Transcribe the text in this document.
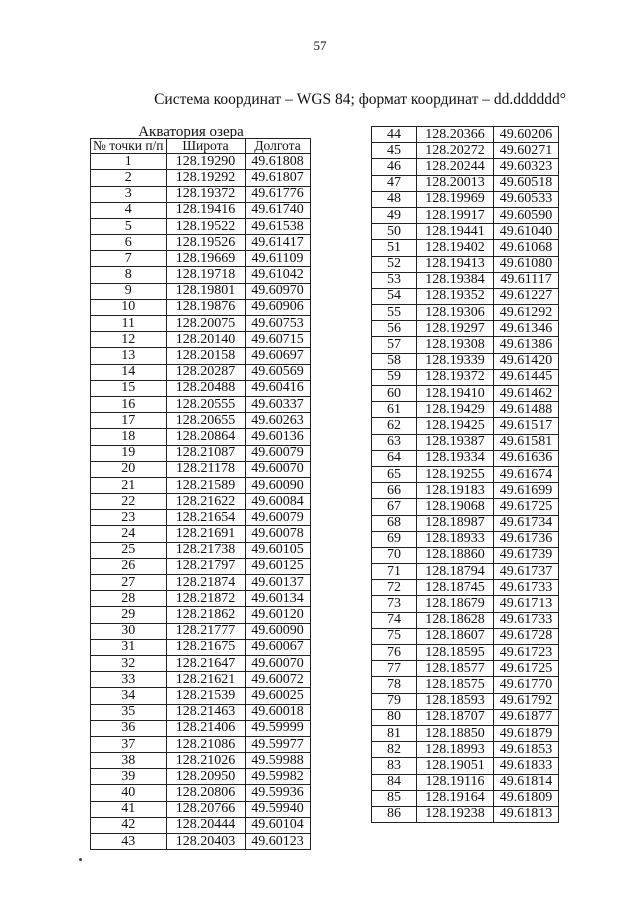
57
Система координат – WGS 84; формат координат – dd.dddddd°
Акватория озера
№ точки п/п	Широта	Долгота
1	128.19290	49.61808
2	128.19292	49.61807
3	128.19372	49.61776
4	128.19416	49.61740
5	128.19522	49.61538
6	128.19526	49.61417
7	128.19669	49.61109
8	128.19718	49.61042
9	128.19801	49.60970
10	128.19876	49.60906
11	128.20075	49.60753
12	128.20140	49.60715
13	128.20158	49.60697
14	128.20287	49.60569
15	128.20488	49.60416
16	128.20555	49.60337
17	128.20655	49.60263
18	128.20864	49.60136
19	128.21087	49.60079
20	128.21178	49.60070
21	128.21589	49.60090
22	128.21622	49.60084
23	128.21654	49.60079
24	128.21691	49.60078
25	128.21738	49.60105
26	128.21797	49.60125
27	128.21874	49.60137
28	128.21872	49.60134
29	128.21862	49.60120
30	128.21777	49.60090
31	128.21675	49.60067
32	128.21647	49.60070
33	128.21621	49.60072
34	128.21539	49.60025
35	128.21463	49.60018
36	128.21406	49.59999
37	128.21086	49.59977
38	128.21026	49.59988
39	128.20950	49.59982
40	128.20806	49.59936
41	128.20766	49.59940
42	128.20444	49.60104
43	128.20403	49.60123
44	128.20366	49.60206
45	128.20272	49.60271
46	128.20244	49.60323
47	128.20013	49.60518
48	128.19969	49.60533
49	128.19917	49.60590
50	128.19441	49.61040
51	128.19402	49.61068
52	128.19413	49.61080
53	128.19384	49.61117
54	128.19352	49.61227
55	128.19306	49.61292
56	128.19297	49.61346
57	128.19308	49.61386
58	128.19339	49.61420
59	128.19372	49.61445
60	128.19410	49.61462
61	128.19429	49.61488
62	128.19425	49.61517
63	128.19387	49.61581
64	128.19334	49.61636
65	128.19255	49.61674
66	128.19183	49.61699
67	128.19068	49.61725
68	128.18987	49.61734
69	128.18933	49.61736
70	128.18860	49.61739
71	128.18794	49.61737
72	128.18745	49.61733
73	128.18679	49.61713
74	128.18628	49.61733
75	128.18607	49.61728
76	128.18595	49.61723
77	128.18577	49.61725
78	128.18575	49.61770
79	128.18593	49.61792
80	128.18707	49.61877
81	128.18850	49.61879
82	128.18993	49.61853
83	128.19051	49.61833
84	128.19116	49.61814
85	128.19164	49.61809
86	128.19238	49.61813
